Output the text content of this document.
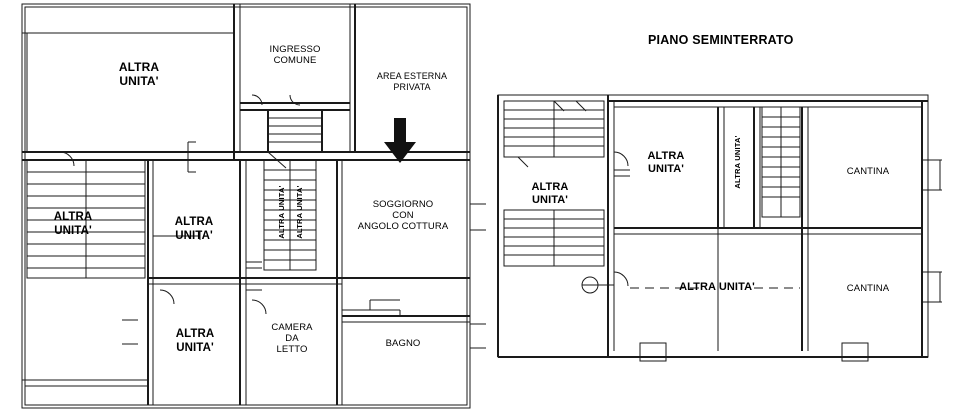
ALTRA
UNITA'
INGRESSO
COMUNE
AREA ESTERNA
PRIVATA
ALTRA
UNITA'
ALTRA
UNITA'	ALTRA UNITA' ALTRA UNITA'	SOGGIORNO
CON
ANGOLO COTTURA
ALTRA
UNITA'
CAMERA
DA
LETTO
BAGNO
PIANO SEMINTERRATO
ALTRA
UNITA'
ALTRA
UNITA'	ALTRA UNITA'	CANTINA
ALTRA UNITA'	CANTINA
